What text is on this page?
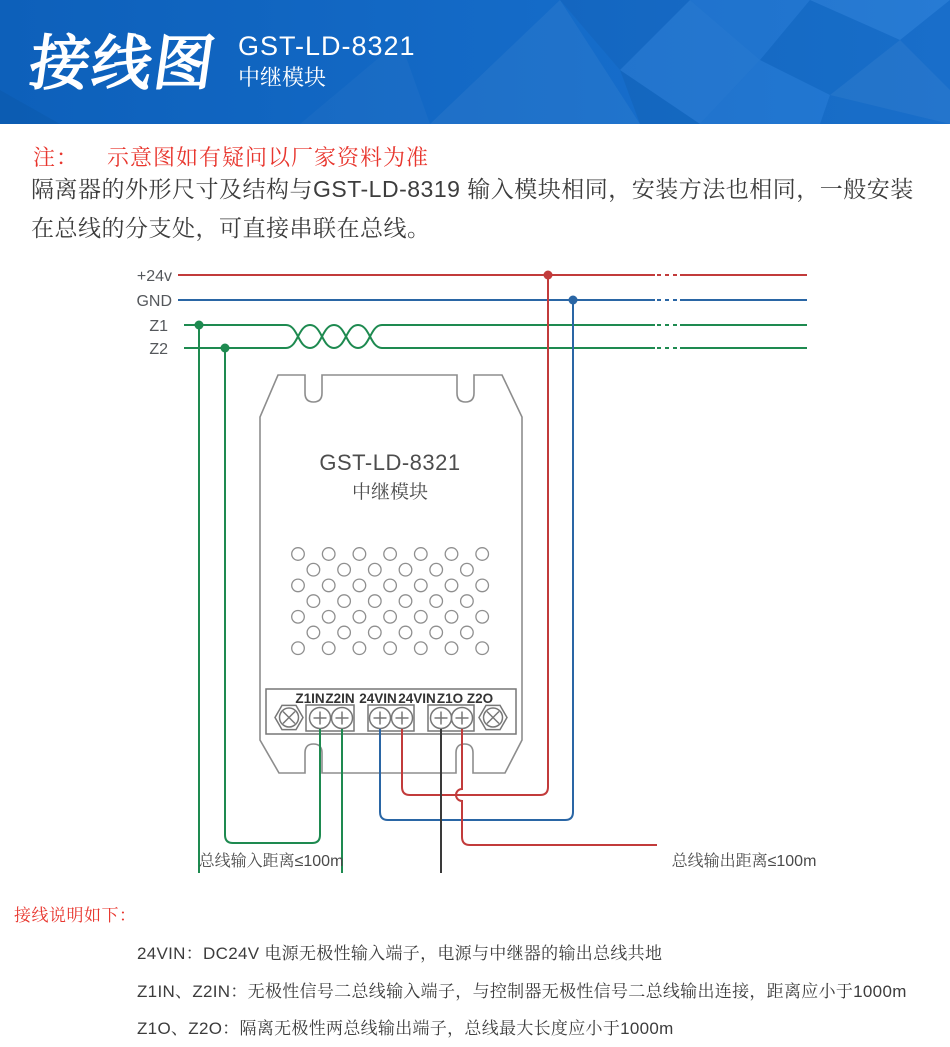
接线图 GST-LD-8321
中继模块
注： 示意图如有疑问以厂家资料为准
隔离器的外形尺寸及结构与GST-LD-8319 输入模块相同，安装方法也相同，一般安装在总线的分支处，可直接串联在总线。
+24v
GND
Z1
Z2
GST-LD-8321
中继模块
Z1IN Z2IN 24VIN 24VIN Z1O Z2O
总线输入距离≤100m	总线输出距离≤100m
接线说明如下：
24VIN：DC24V 电源无极性输入端子，电源与中继器的输出总线共地
Z1IN、Z2IN：无极性信号二总线输入端子，与控制器无极性信号二总线输出连接，距离应小于1000m
Z1O、Z2O：隔离无极性两总线输出端子，总线最大长度应小于1000m
